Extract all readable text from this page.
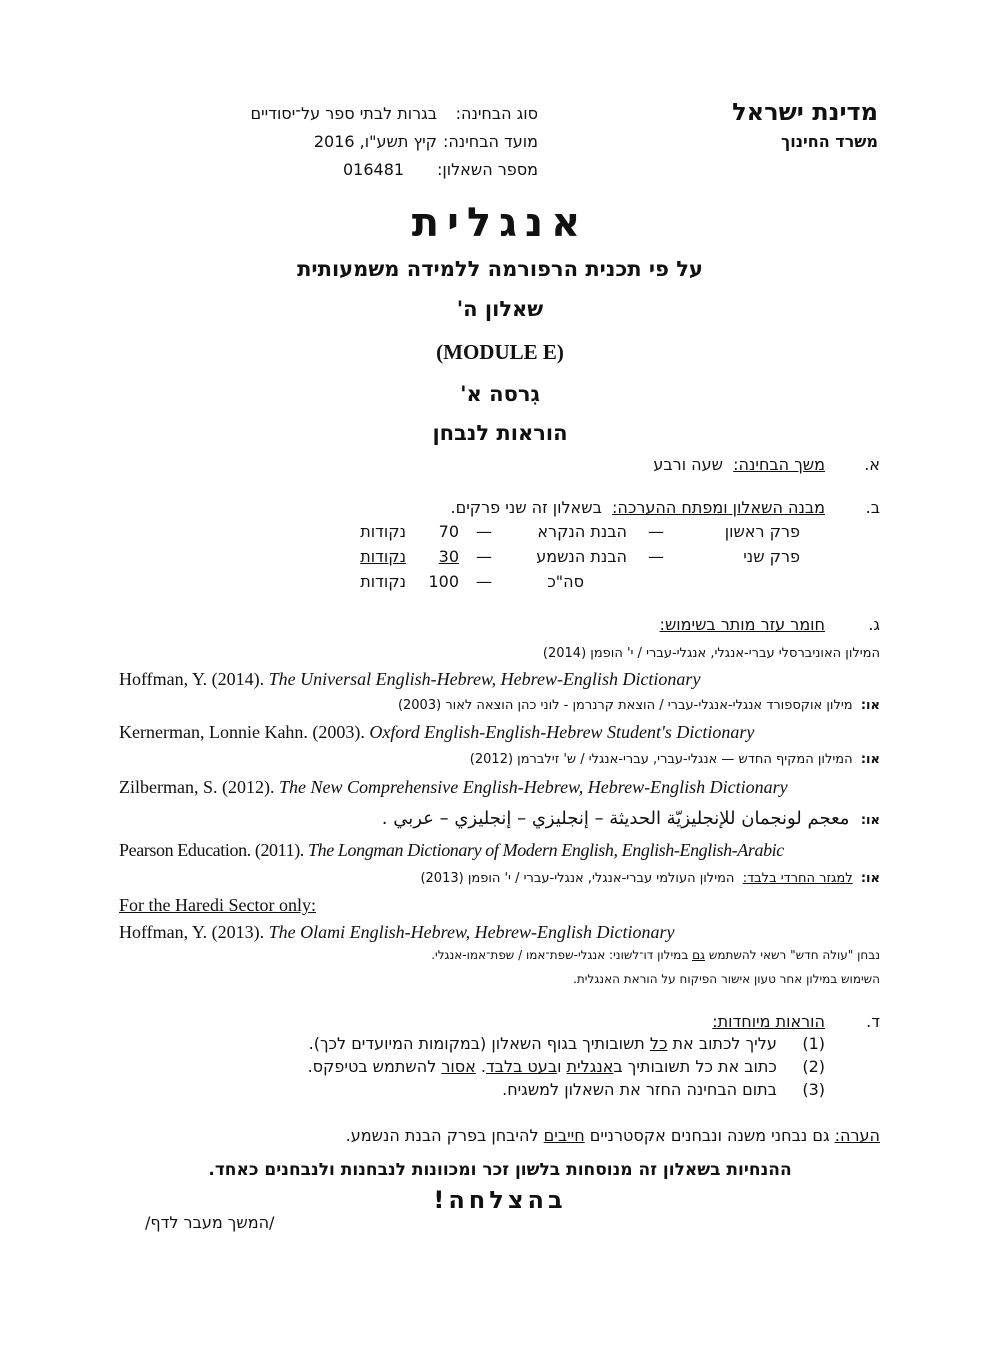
מדינת ישראל
משרד החינוך
סוג הבחינה:
בגרות לבתי ספר על־יסודיים
מועד הבחינה:
קיץ תשע"ו, 2016
מספר השאלון:
016481
אנגלית
על פי תכנית הרפורמה ללמידה משמעותית
שאלון ה'
(MODULE E)
גִרסה א'
הוראות לנבחן
א.
משך הבחינה:  שעה ורבע
ב.
מבנה השאלון ומפתח ההערכה:  בשאלון זה שני פרקים.
פרק ראשון
—
הבנת הנקרא
—
70
נקודות
פרק שני
—
הבנת הנשמע
—
30
נקודות
סה"כ
—
100
נקודות
ג.
חומר עזר מותר בשימוש:
המילון האוניברסלי עברי-אנגלי, אנגלי-עברי / י' הופמן (2014)
Hoffman, Y. (2014). The Universal English-Hebrew, Hebrew-English Dictionary
או:  מילון אוקספורד אנגלי-אנגלי-עברי / הוצאת קרנרמן - לוני כהן הוצאה לאור (2003)
Kernerman, Lonnie Kahn. (2003). Oxford English-English-Hebrew Student's Dictionary
או:  המילון המקיף החדש — אנגלי-עברי, עברי-אנגלי / ש' זילברמן (2012)
Zilberman, S. (2012). The New Comprehensive English-Hebrew, Hebrew-English Dictionary
או:  معجم لونجمان للإنجليزيّة الحديثة – إنجليزي – إنجليزي – عربي .
Pearson Education. (2011). The Longman Dictionary of Modern English, English-English-Arabic
או:  למגזר החרדי בלבד:  המילון העולמי עברי-אנגלי, אנגלי-עברי / י' הופמן (2013)
For the Haredi Sector only:
Hoffman, Y. (2013). The Olami English-Hebrew, Hebrew-English Dictionary
נבחן "עולה חדש" רשאי להשתמש גם במילון דו־לשוני: אנגלי-שפת־אמו / שפת־אמו-אנגלי.
השימוש במילון אחר טעון אישור הפיקוח על הוראת האנגלית.
ד.
הוראות מיוחדות:
(1)     עליך לכתוב את כל תשובותיך בגוף השאלון (במקומות המיועדים לכך).
(2)     כתוב את כל תשובותיך באנגלית ובעט בלבד. אסור להשתמש בטיפקס.
(3)     בתום הבחינה החזר את השאלון למשגיח.
הערה: גם נבחני משנה ונבחנים אקסטרניים חייבים להיבחן בפרק הבנת הנשמע.
ההנחיות בשאלון זה מנוסחות בלשון זכר ומכוונות לנבחנות ולנבחנים כאחד.
בהצלחה!
/המשך מעבר לדף/
